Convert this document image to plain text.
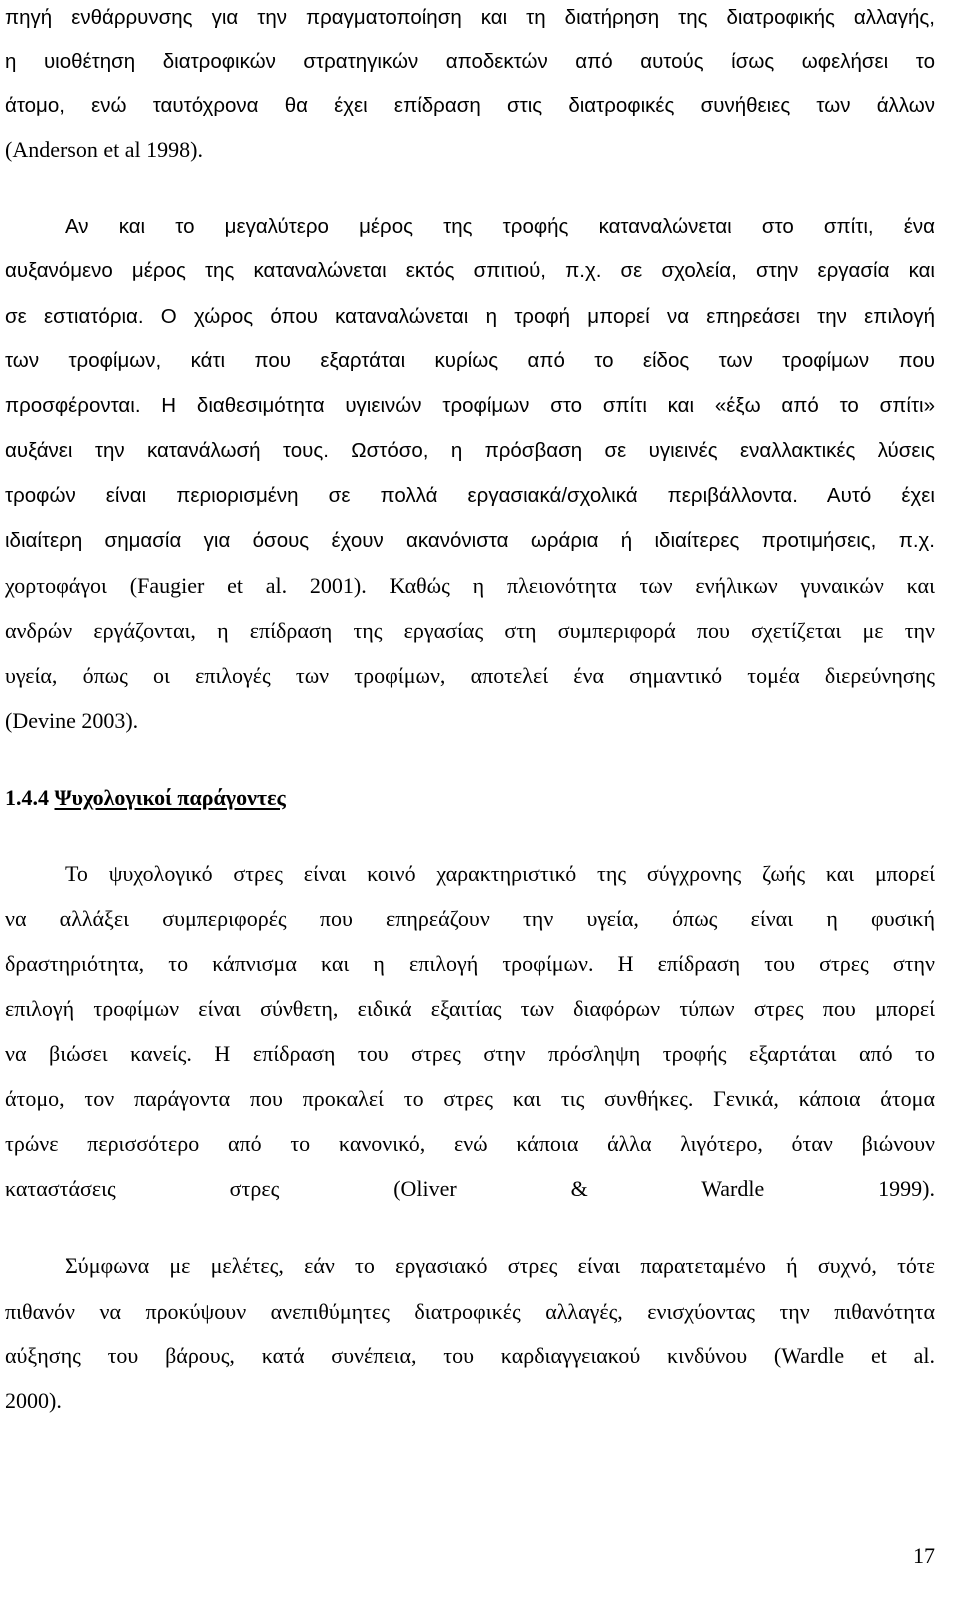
πηγή ενθάρρυνσης για την πραγματοποίηση και τη διατήρηση της διατροφικής αλλαγής,

η υιοθέτηση διατροφικών στρατηγικών αποδεκτών από αυτούς ίσως ωφελήσει το

άτομο, ενώ ταυτόχρονα θα έχει επίδραση στις διατροφικές συνήθειες των άλλων

(Anderson et al 1998).

Αν και το μεγαλύτερο μέρος της τροφής καταναλώνεται στο σπίτι, ένα

αυξανόμενο μέρος της καταναλώνεται εκτός σπιτιού, π.χ. σε σχολεία, στην εργασία και

σε εστιατόρια. Ο χώρος όπου καταναλώνεται η τροφή μπορεί να επηρεάσει την επιλογή

των τροφίμων, κάτι που εξαρτάται κυρίως από το είδος των τροφίμων που

προσφέρονται. Η διαθεσιμότητα υγιεινών τροφίμων στο σπίτι και «έξω από το σπίτι»

αυξάνει την κατανάλωσή τους. Ωστόσο, η πρόσβαση σε υγιεινές εναλλακτικές λύσεις

τροφών είναι περιορισμένη σε πολλά εργασιακά/σχολικά περιβάλλοντα. Αυτό έχει

ιδιαίτερη σημασία για όσους έχουν ακανόνιστα ωράρια ή ιδιαίτερες προτιμήσεις, π.χ.

χορτοφάγοι (Faugier et al. 2001). Καθώς η πλειονότητα των ενήλικων γυναικών και

ανδρών εργάζονται, η επίδραση της εργασίας στη συμπεριφορά που σχετίζεται με την

υγεία, όπως οι επιλογές των τροφίμων, αποτελεί ένα σημαντικό τομέα διερεύνησης

(Devine 2003).

1.4.4 Ψυχολογικοί παράγοντες

Το ψυχολογικό στρες είναι κοινό χαρακτηριστικό της σύγχρονης ζωής και μπορεί

να αλλάξει συμπεριφορές που επηρεάζουν την υγεία, όπως είναι η φυσική

δραστηριότητα, το κάπνισμα και η επιλογή τροφίμων. Η επίδραση του στρες στην

επιλογή τροφίμων είναι σύνθετη, ειδικά εξαιτίας των διαφόρων τύπων στρες που μπορεί

να βιώσει κανείς. Η επίδραση του στρες στην πρόσληψη τροφής εξαρτάται από το

άτομο, τον παράγοντα που προκαλεί το στρες και τις συνθήκες. Γενικά, κάποια άτομα

τρώνε περισσότερο από το κανονικό, ενώ κάποια άλλα λιγότερο, όταν βιώνουν

καταστάσεις στρες (Oliver & Wardle 1999).

Σύμφωνα με μελέτες, εάν το εργασιακό στρες είναι παρατεταμένο ή συχνό, τότε

πιθανόν να προκύψουν ανεπιθύμητες διατροφικές αλλαγές, ενισχύοντας την πιθανότητα

αύξησης του βάρους, κατά συνέπεια, του καρδιαγγειακού κινδύνου (Wardle et al.

2000).

17
